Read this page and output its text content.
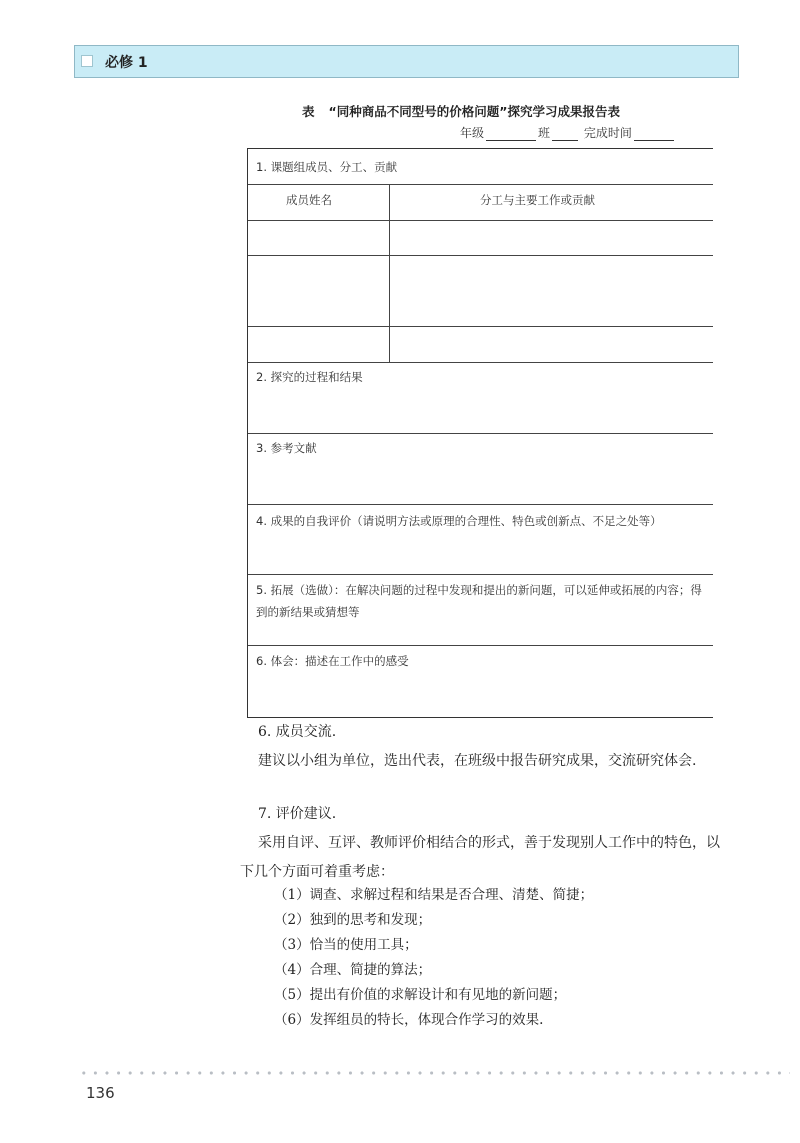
必修 1
表 “同种商品不同型号的价格问题”探究学习成果报告表
年级	班	完成时间
1. 课题组成员、分工、贡献
成员姓名	分工与主要工作或贡献
2. 探究的过程和结果
3. 参考文献
4. 成果的自我评价（请说明方法或原理的合理性、特色或创新点、不足之处等）
5. 拓展（选做）：在解决问题的过程中发现和提出的新问题，可以延伸或拓展的内容；得到的新结果或猜想等
6. 体会：描述在工作中的感受
6. 成员交流.
建议以小组为单位，选出代表，在班级中报告研究成果，交流研究体会.
7. 评价建议.
采用自评、互评、教师评价相结合的形式，善于发现别人工作中的特色，以下几个方面可着重考虑：
（1）调查、求解过程和结果是否合理、清楚、简捷；
（2）独到的思考和发现；
（3）恰当的使用工具；
（4）合理、简捷的算法；
（5）提出有价值的求解设计和有见地的新问题；
（6）发挥组员的特长，体现合作学习的效果.
136
